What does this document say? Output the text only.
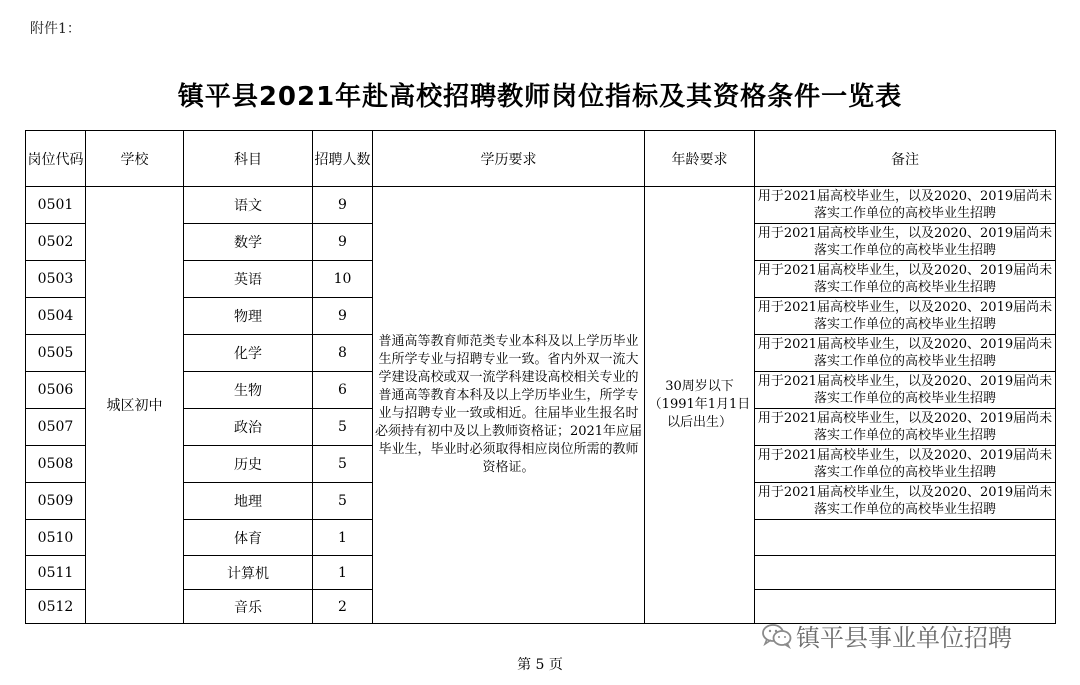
附件1：
镇平县2021年赴高校招聘教师岗位指标及其资格条件一览表
岗位代码	学校	科目	招聘人数	学历要求	年龄要求	备注
0501	城区初中	语文	9	普通高等教育师范类专业本科及以上学历毕业生所学专业与招聘专业一致。省内外双一流大学建设高校或双一流学科建设高校相关专业的普通高等教育本科及以上学历毕业生，所学专业与招聘专业一致或相近。往届毕业生报名时必须持有初中及以上教师资格证；2021年应届毕业生，毕业时必须取得相应岗位所需的教师资格证。	30周岁以下（1991年1月1日以后出生）	用于2021届高校毕业生，以及2020、2019届尚未落实工作单位的高校毕业生招聘
0502		数学	9			用于2021届高校毕业生，以及2020、2019届尚未落实工作单位的高校毕业生招聘
0503		英语	10			用于2021届高校毕业生，以及2020、2019届尚未落实工作单位的高校毕业生招聘
0504		物理	9			用于2021届高校毕业生，以及2020、2019届尚未落实工作单位的高校毕业生招聘
0505		化学	8			用于2021届高校毕业生，以及2020、2019届尚未落实工作单位的高校毕业生招聘
0506		生物	6			用于2021届高校毕业生，以及2020、2019届尚未落实工作单位的高校毕业生招聘
0507		政治	5			用于2021届高校毕业生，以及2020、2019届尚未落实工作单位的高校毕业生招聘
0508		历史	5			用于2021届高校毕业生，以及2020、2019届尚未落实工作单位的高校毕业生招聘
0509		地理	5			用于2021届高校毕业生，以及2020、2019届尚未落实工作单位的高校毕业生招聘
0510		体育	1			
0511		计算机	1			
0512		音乐	2			
镇平县事业单位招聘
第 5 页
